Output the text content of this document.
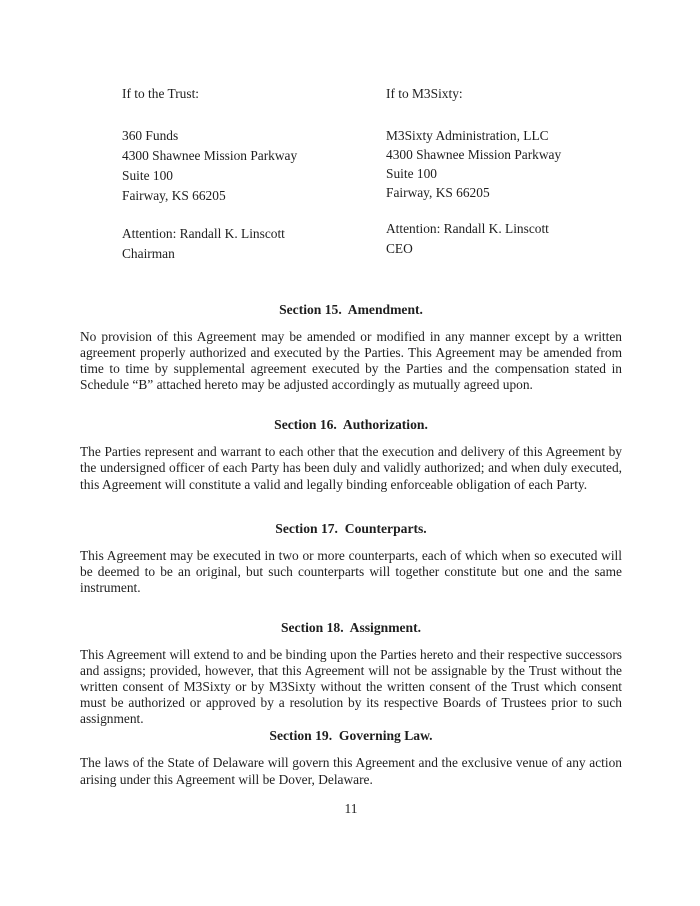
If to the Trust:
360 Funds
4300 Shawnee Mission Parkway
Suite 100
Fairway, KS 66205
Attention: Randall K. Linscott
Chairman
If to M3Sixty:
M3Sixty Administration, LLC
4300 Shawnee Mission Parkway
Suite 100
Fairway, KS 66205
Attention: Randall K. Linscott
CEO
Section 15.  Amendment.
No provision of this Agreement may be amended or modified in any manner except by a written agreement properly authorized and executed by the Parties. This Agreement may be amended from time to time by supplemental agreement executed by the Parties and the compensation stated in Schedule “B” attached hereto may be adjusted accordingly as mutually agreed upon.
Section 16.  Authorization.
The Parties represent and warrant to each other that the execution and delivery of this Agreement by the undersigned officer of each Party has been duly and validly authorized; and when duly executed, this Agreement will constitute a valid and legally binding enforceable obligation of each Party.
Section 17.  Counterparts.
This Agreement may be executed in two or more counterparts, each of which when so executed will be deemed to be an original, but such counterparts will together constitute but one and the same instrument.
Section 18.  Assignment.
This Agreement will extend to and be binding upon the Parties hereto and their respective successors and assigns; provided, however, that this Agreement will not be assignable by the Trust without the written consent of M3Sixty or by M3Sixty without the written consent of the Trust which consent must be authorized or approved by a resolution by its respective Boards of Trustees prior to such assignment.
Section 19.  Governing Law.
The laws of the State of Delaware will govern this Agreement and the exclusive venue of any action arising under this Agreement will be Dover, Delaware.
11
